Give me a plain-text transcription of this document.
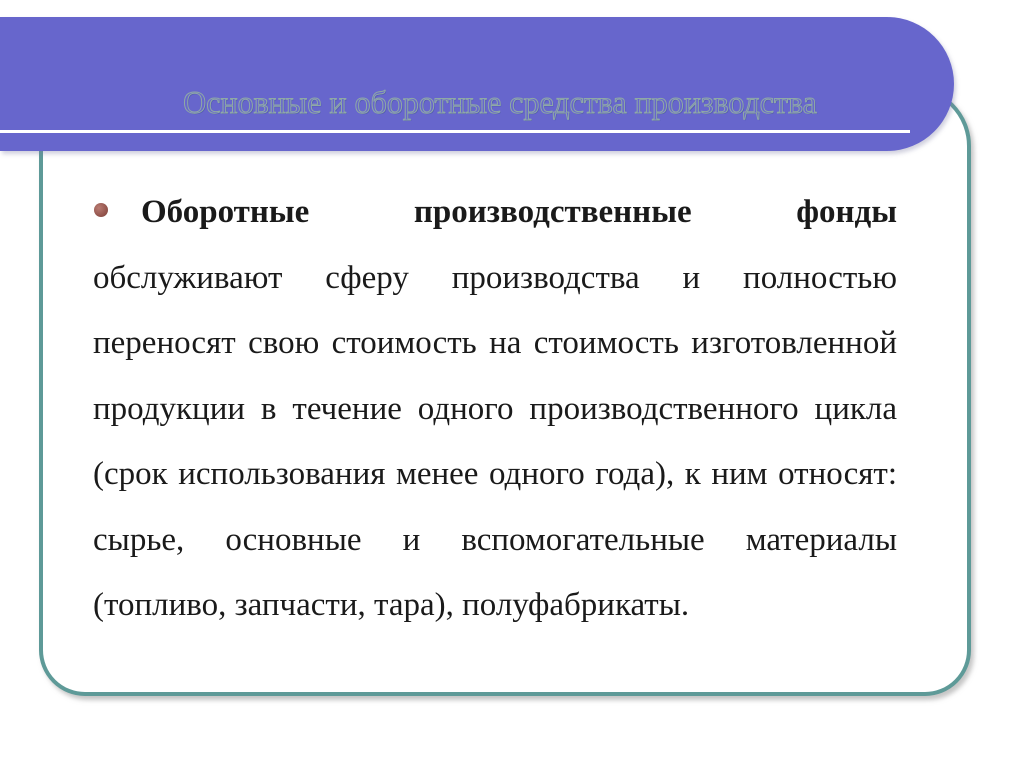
Основные и оборотные средства производства

Оборотные производственные фонды обслуживают сферу производства и полностью переносят свою стоимость на стоимость изготовленной продукции в течение одного производственного цикла (срок использования менее одного года), к ним относят: сырье, основные и вспомогательные материалы (топливо, запчасти, тара), полуфабрикаты.
